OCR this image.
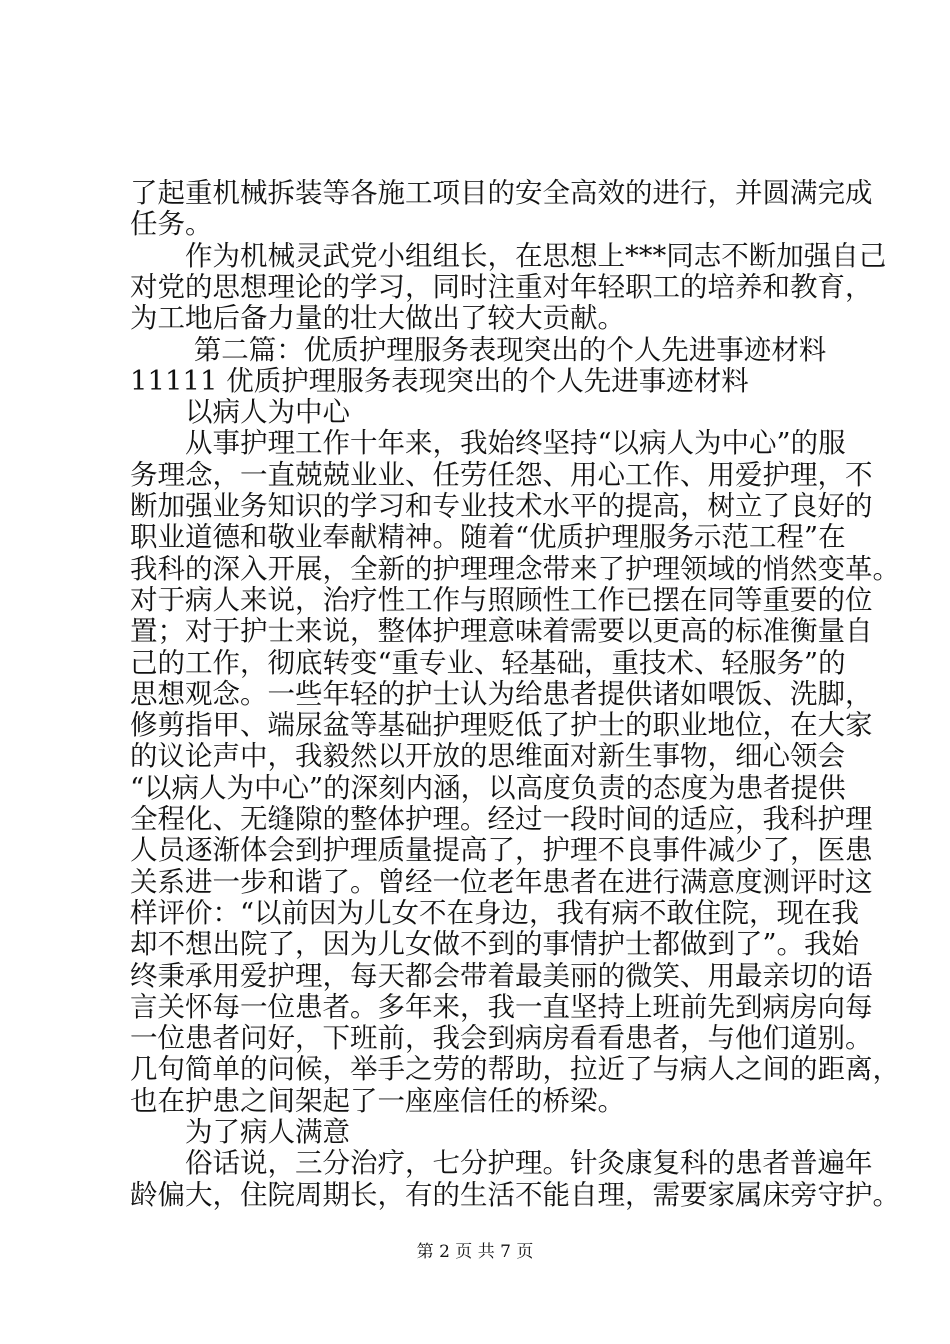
了起重机械拆装等各施工项目的安全高效的进行，并圆满完成
任务。
　　作为机械灵武党小组组长，在思想上***同志不断加强自己
对党的思想理论的学习，同时注重对年轻职工的培养和教育，
为工地后备力量的壮大做出了较大贡献。
　　 第二篇：优质护理服务表现突出的个人先进事迹材料
11111 优质护理服务表现突出的个人先进事迹材料
　　以病人为中心
　　从事护理工作十年来，我始终坚持“以病人为中心”的服
务理念，一直兢兢业业、任劳任怨、用心工作、用爱护理，不
断加强业务知识的学习和专业技术水平的提高，树立了良好的
职业道德和敬业奉献精神。随着“优质护理服务示范工程”在
我科的深入开展，全新的护理理念带来了护理领域的悄然变革。
对于病人来说，治疗性工作与照顾性工作已摆在同等重要的位
置；对于护士来说，整体护理意味着需要以更高的标准衡量自
己的工作，彻底转变“重专业、轻基础，重技术、轻服务”的
思想观念。一些年轻的护士认为给患者提供诸如喂饭、洗脚，
修剪指甲、端尿盆等基础护理贬低了护士的职业地位，在大家
的议论声中，我毅然以开放的思维面对新生事物，细心领会
“以病人为中心”的深刻内涵，以高度负责的态度为患者提供
全程化、无缝隙的整体护理。经过一段时间的适应，我科护理
人员逐渐体会到护理质量提高了，护理不良事件减少了，医患
关系进一步和谐了。曾经一位老年患者在进行满意度测评时这
样评价：“以前因为儿女不在身边，我有病不敢住院，现在我
却不想出院了，因为儿女做不到的事情护士都做到了”。我始
终秉承用爱护理，每天都会带着最美丽的微笑、用最亲切的语
言关怀每一位患者。多年来，我一直坚持上班前先到病房向每
一位患者问好，下班前，我会到病房看看患者，与他们道别。
几句简单的问候，举手之劳的帮助，拉近了与病人之间的距离，
也在护患之间架起了一座座信任的桥梁。
　　为了病人满意
　　俗话说，三分治疗，七分护理。针灸康复科的患者普遍年
龄偏大，住院周期长，有的生活不能自理，需要家属床旁守护。
第 2 页 共 7 页
